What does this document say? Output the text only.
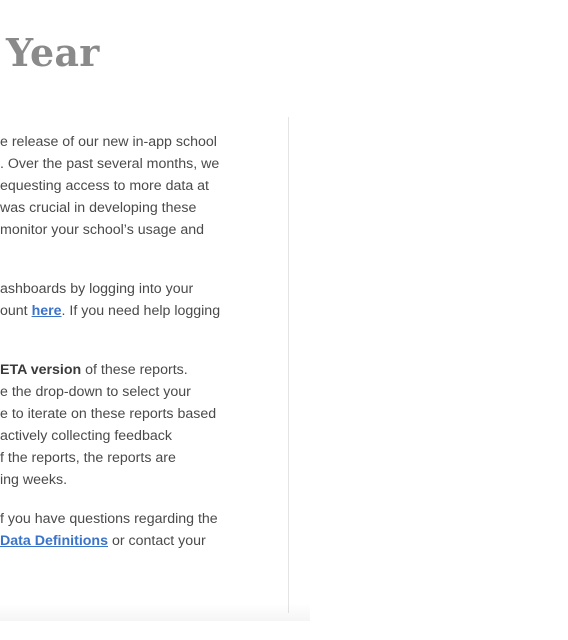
Year

e release of our new in-app school
. Over the past several months, we
equesting access to more data at
was crucial in developing these
monitor your school’s usage and

ashboards by logging into your
ount here. If you need help logging

ETA version of these reports.
e the drop-down to select your
e to iterate on these reports based
actively collecting feedback
f the reports, the reports are
ing weeks.

f you have questions regarding the
Data Definitions or contact your
